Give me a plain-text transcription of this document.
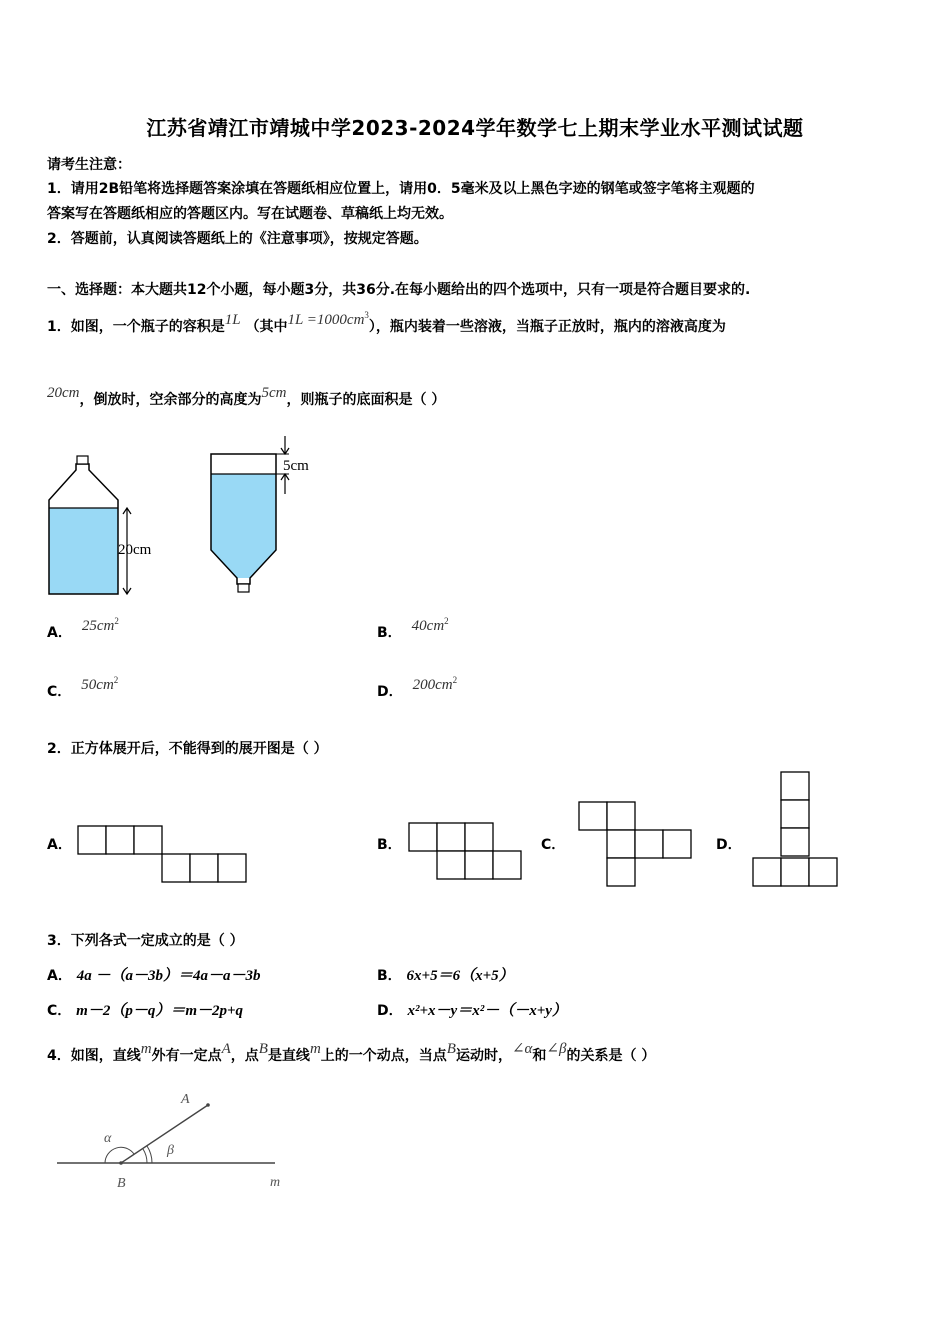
江苏省靖江市靖城中学2023-2024学年数学七上期末学业水平测试试题
请考生注意：
1．请用2B铅笔将选择题答案涂填在答题纸相应位置上，请用0．5毫米及以上黑色字迹的钢笔或签字笔将主观题的
答案写在答题纸相应的答题区内。写在试题卷、草稿纸上均无效。
2．答题前，认真阅读答题纸上的《注意事项》，按规定答题。
一、选择题：本大题共12个小题，每小题3分，共36分.在每小题给出的四个选项中，只有一项是符合题目要求的.
1．如图，一个瓶子的容积是1L （其中$1L =1000cm^3$），瓶内装着一些溶液，当瓶子正放时，瓶内的溶液高度为
20cm，倒放时，空余部分的高度为5cm，则瓶子的底面积是（ ）
20cm
5cm
A． $25cm^2$
B． $40cm^2$
C． $50cm^2$
D． $200cm^2$
2．正方体展开后，不能得到的展开图是（ ）
A．	B．	C．	D．
3．下列各式一定成立的是（ ）
A． 4a －（a－3b）＝4a－a－3b	B． 6x+5＝6（x+5）
C． m－2（p－q）＝m－2p+q	D． x²+x－y＝x²－（－x+y）
4．如图，直线m外有一定点A，点B是直线m上的一个动点，当点B运动时，∠α和∠β的关系是（ ）
A
B	m
α
β
